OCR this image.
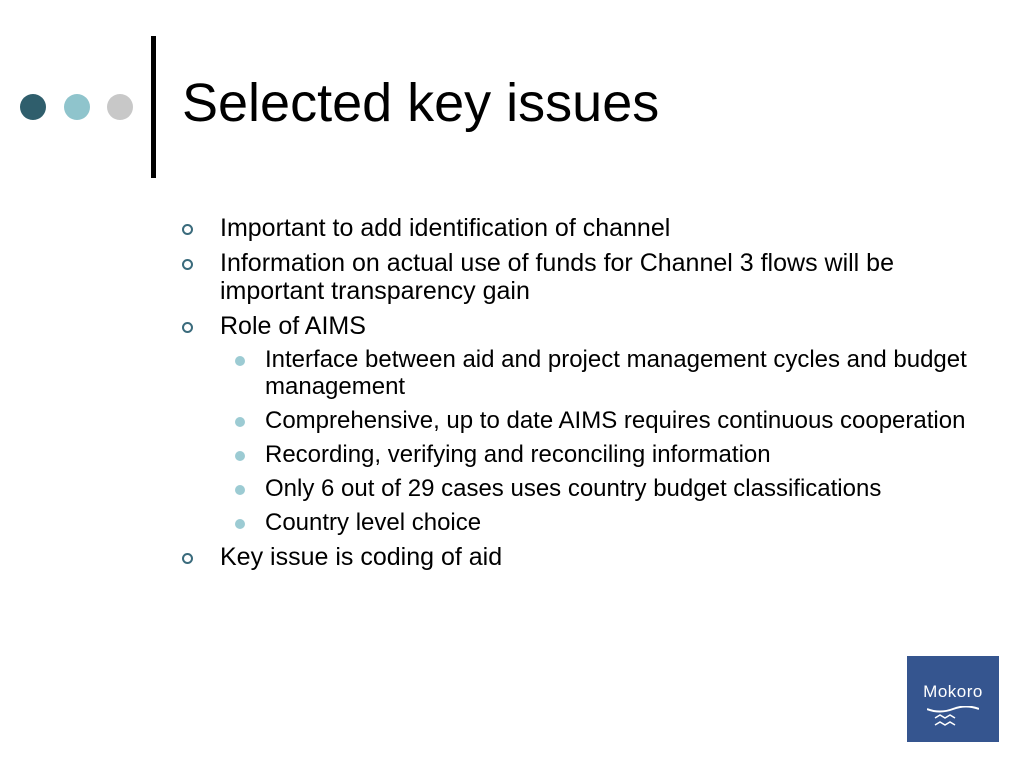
Selected key issues
Important to add identification of channel
Information on actual use of funds for Channel 3 flows will be important transparency gain
Role of AIMS
Interface between aid and project management cycles and budget management
Comprehensive, up to date AIMS requires continuous cooperation
Recording, verifying and reconciling information
Only 6 out of 29 cases uses country budget classifications
Country level choice
Key issue is coding of aid
Mokoro
